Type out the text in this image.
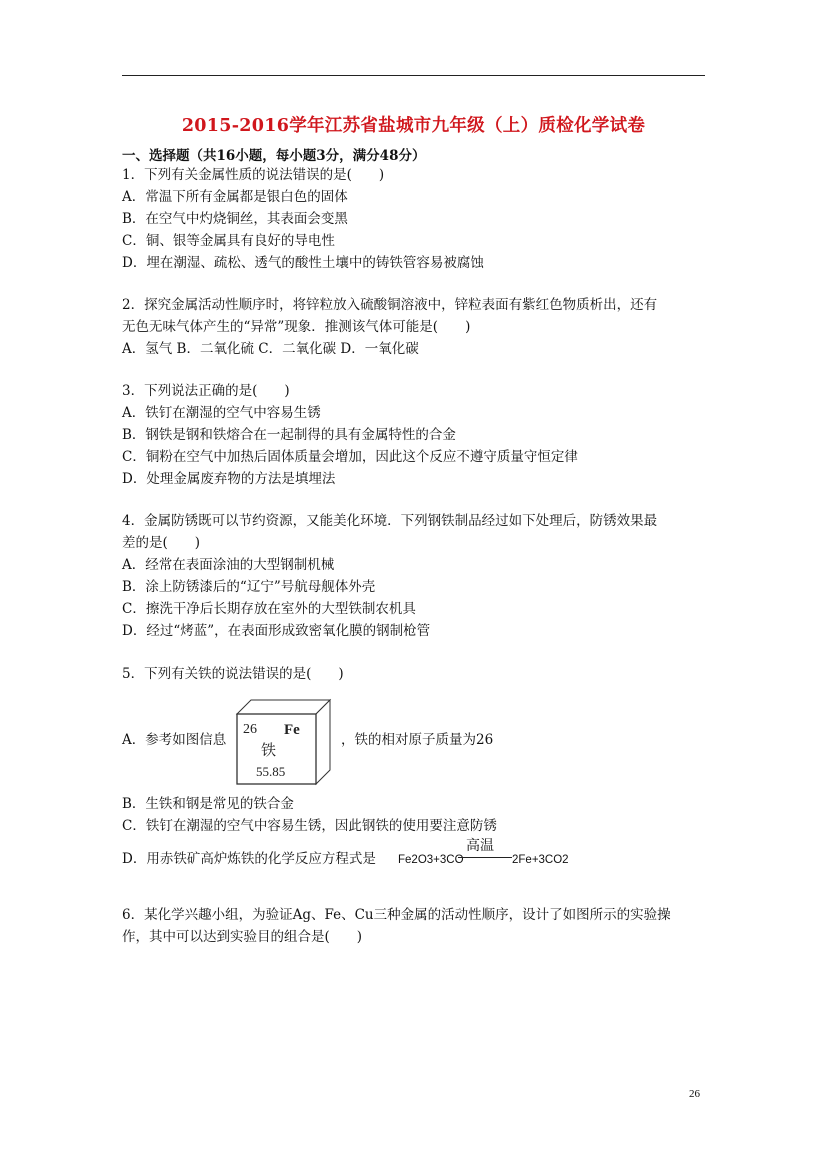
2015-2016学年江苏省盐城市九年级（上）质检化学试卷
一、选择题（共16小题，每小题3分，满分48分）
1．下列有关金属性质的说法错误的是(　　)
A．常温下所有金属都是银白色的固体
B．在空气中灼烧铜丝，其表面会变黑
C．铜、银等金属具有良好的导电性
D．埋在潮湿、疏松、透气的酸性土壤中的铸铁管容易被腐蚀
2．探究金属活动性顺序时，将锌粒放入硫酸铜溶液中，锌粒表面有紫红色物质析出，还有
无色无味气体产生的“异常”现象．推测该气体可能是(　　)
A．氢气 B．二氧化硫 C．二氧化碳 D．一氧化碳
3．下列说法正确的是(　　)
A．铁钉在潮湿的空气中容易生锈
B．钢铁是钢和铁熔合在一起制得的具有金属特性的合金
C．铜粉在空气中加热后固体质量会增加，因此这个反应不遵守质量守恒定律
D．处理金属废弃物的方法是填埋法
4．金属防锈既可以节约资源，又能美化环境．下列钢铁制品经过如下处理后，防锈效果最
差的是(　　)
A．经常在表面涂油的大型钢制机械
B．涂上防锈漆后的“辽宁”号航母舰体外壳
C．擦洗干净后长期存放在室外的大型铁制农机具
D．经过“烤蓝”，在表面形成致密氧化膜的钢制枪管
5．下列有关铁的说法错误的是(　　)
A．参考如图信息
26 Fe
铁
55.85
，铁的相对原子质量为26
B．生铁和钢是常见的铁合金
C．铁钉在潮湿的空气中容易生锈，因此钢铁的使用要注意防锈
D．用赤铁矿高炉炼铁的化学反应方程式是 Fe2O3+3CO
高温
2Fe+3CO2
6．某化学兴趣小组，为验证Ag、Fe、Cu三种金属的活动性顺序，设计了如图所示的实验操
作，其中可以达到实验目的组合是(　　)
26
